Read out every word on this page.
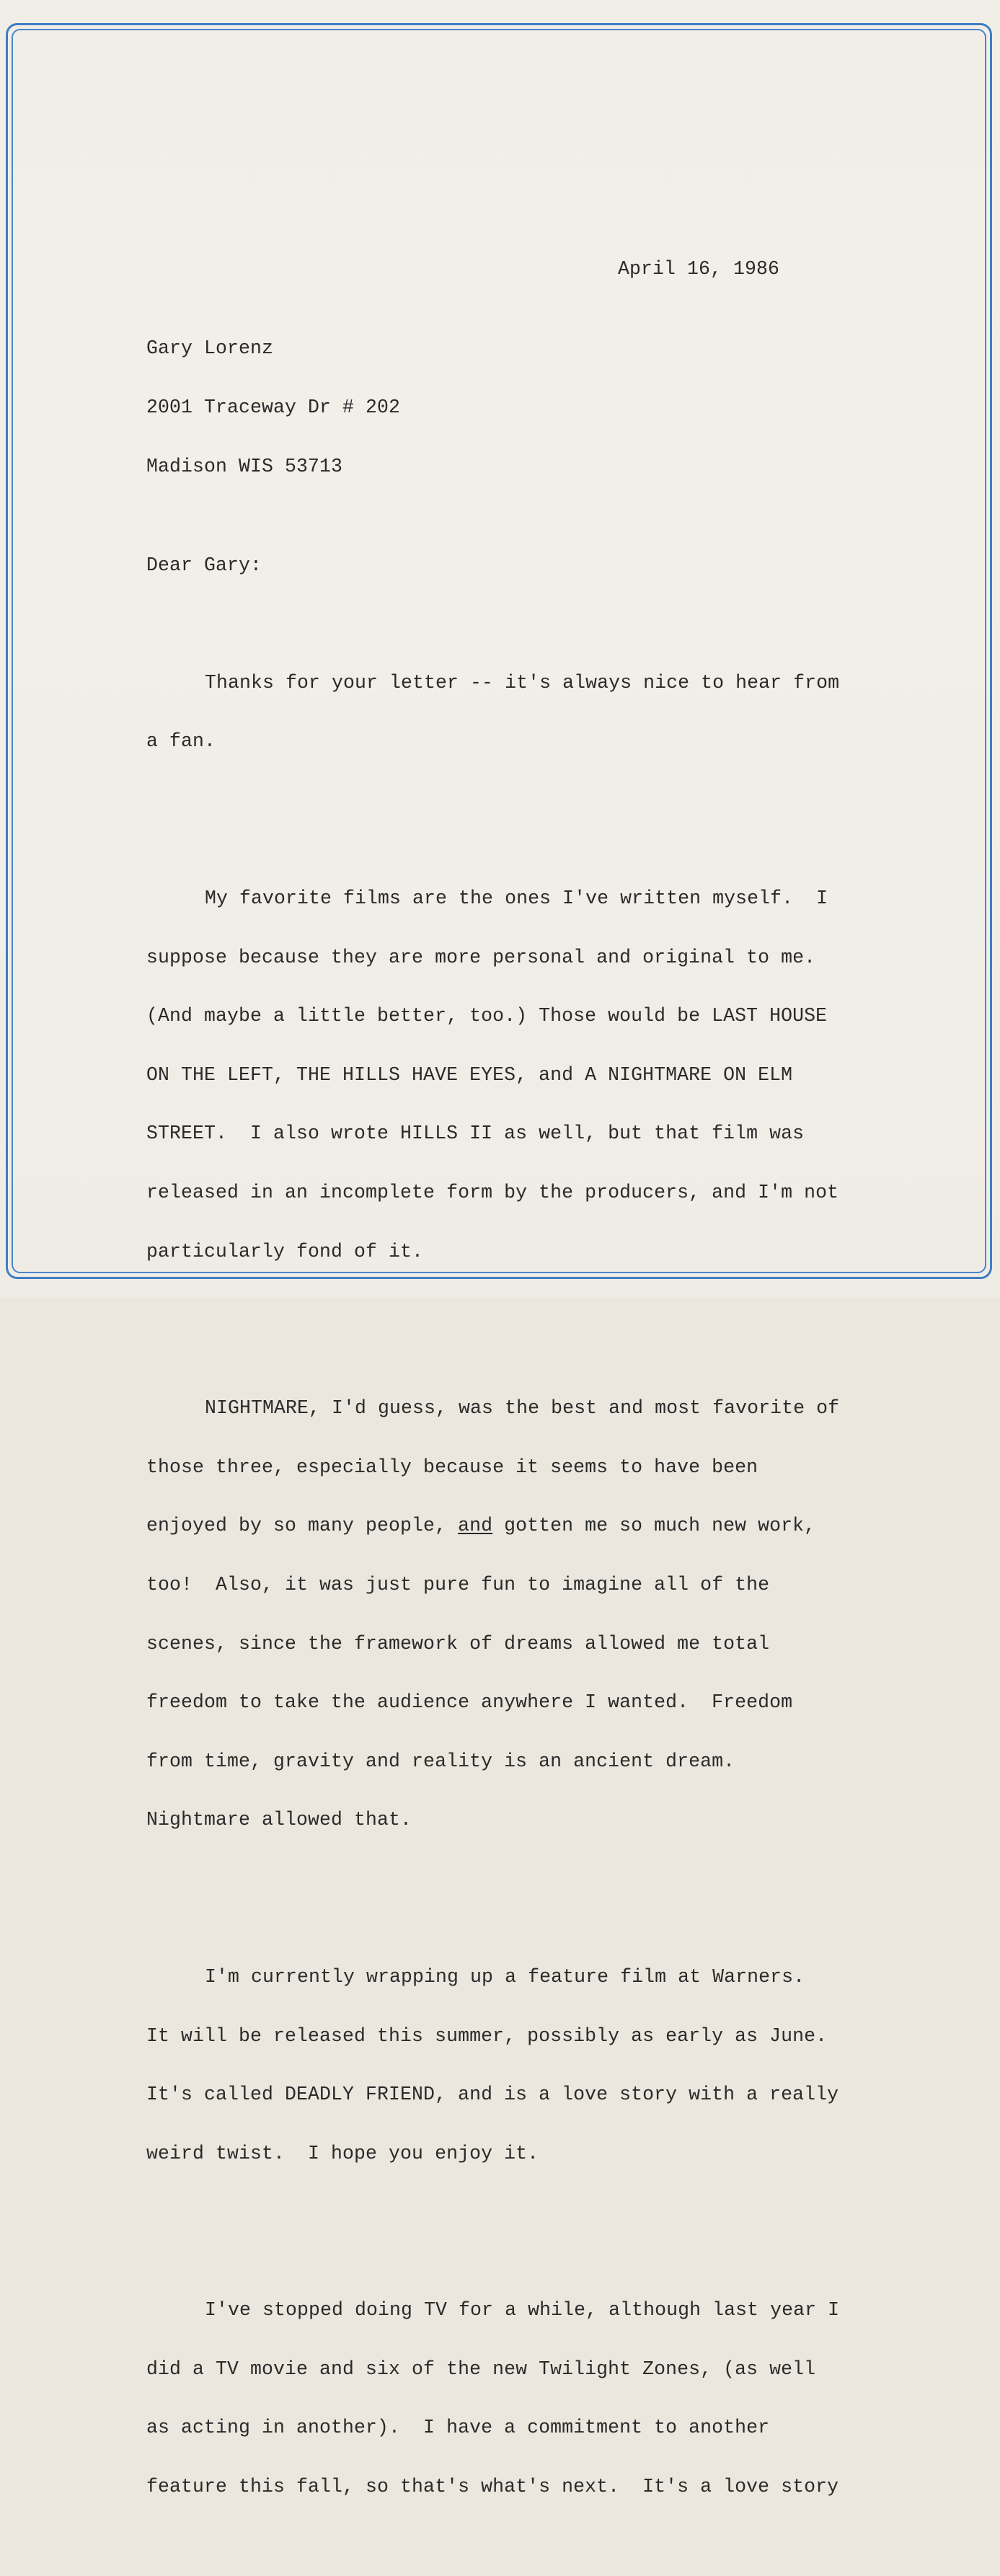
April 16, 1986

Gary Lorenz

2001 Traceway Dr # 202

Madison WIS 53713

Dear Gary:

Thanks for your letter -- it's always nice to hear from

a fan.

My favorite films are the ones I've written myself.  I

suppose because they are more personal and original to me.

(And maybe a little better, too.) Those would be LAST HOUSE

ON THE LEFT, THE HILLS HAVE EYES, and A NIGHTMARE ON ELM

STREET.  I also wrote HILLS II as well, but that film was

released in an incomplete form by the producers, and I'm not

particularly fond of it.

NIGHTMARE, I'd guess, was the best and most favorite of

those three, especially because it seems to have been

enjoyed by so many people, and gotten me so much new work,

too!  Also, it was just pure fun to imagine all of the

scenes, since the framework of dreams allowed me total

freedom to take the audience anywhere I wanted.  Freedom

from time, gravity and reality is an ancient dream.

Nightmare allowed that.

I'm currently wrapping up a feature film at Warners.

It will be released this summer, possibly as early as June.

It's called DEADLY FRIEND, and is a love story with a really

weird twist.  I hope you enjoy it.

I've stopped doing TV for a while, although last year I

did a TV movie and six of the new Twilight Zones, (as well

as acting in another).  I have a commitment to another

feature this fall, so that's what's next.  It's a love story
